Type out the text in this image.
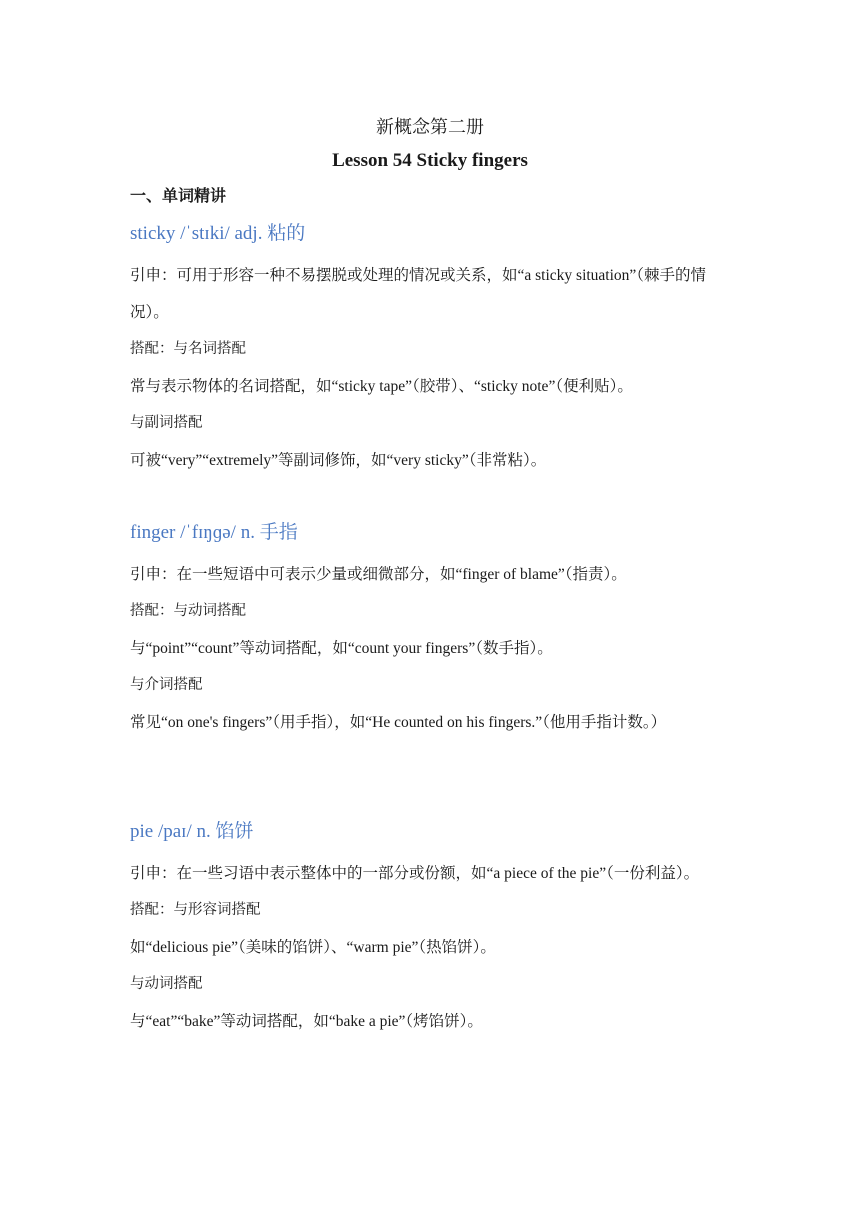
新概念第二册
Lesson 54 Sticky fingers
一、单词精讲
sticky /ˈstɪki/ adj. 粘的

引申：可用于形容一种不易摆脱或处理的情况或关系，如“a sticky situation”（棘手的情况）。

搭配：与名词搭配

常与表示物体的名词搭配，如“sticky tape”（胶带）、“sticky note”（便利贴）。

与副词搭配

可被“very”“extremely”等副词修饰，如“very sticky”（非常粘）。

finger /ˈfɪŋɡə/ n. 手指

引申：在一些短语中可表示少量或细微部分，如“finger of blame”（指责）。

搭配：与动词搭配

与“point”“count”等动词搭配，如“count your fingers”（数手指）。

与介词搭配

常见“on one's fingers”（用手指），如“He counted on his fingers.”（他用手指计数。）

pie /paɪ/ n. 馅饼

引申：在一些习语中表示整体中的一部分或份额，如“a piece of the pie”（一份利益）。

搭配：与形容词搭配

如“delicious pie”（美味的馅饼）、“warm pie”（热馅饼）。

与动词搭配

与“eat”“bake”等动词搭配，如“bake a pie”（烤馅饼）。
